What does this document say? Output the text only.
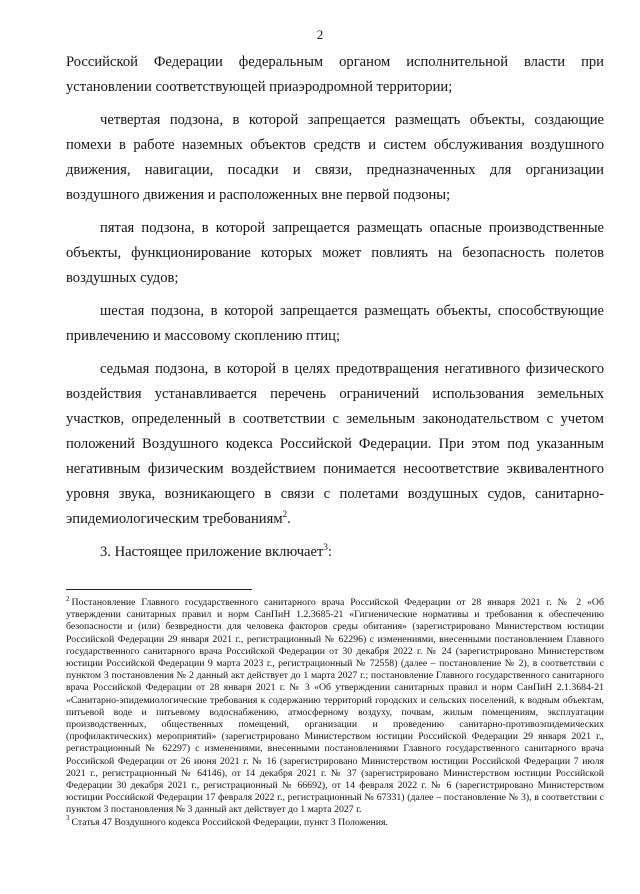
2

Российской Федерации федеральным органом исполнительной власти при установлении соответствующей приаэродромной территории;

четвертая подзона, в которой запрещается размещать объекты, создающие помехи в работе наземных объектов средств и систем обслуживания воздушного движения, навигации, посадки и связи, предназначенных для организации воздушного движения и расположенных вне первой подзоны;

пятая подзона, в которой запрещается размещать опасные производственные объекты, функционирование которых может повлиять на безопасность полетов воздушных судов;

шестая подзона, в которой запрещается размещать объекты, способствующие привлечению и массовому скоплению птиц;

седьмая подзона, в которой в целях предотвращения негативного физического воздействия устанавливается перечень ограничений использования земельных участков, определенный в соответствии с земельным законодательством с учетом положений Воздушного кодекса Российской Федерации. При этом под указанным негативным физическим воздействием понимается несоответствие эквивалентного уровня звука, возникающего в связи с полетами воздушных судов, санитарно-эпидемиологическим требованиям$^2$.

3. Настоящее приложение включает$^3$:

$^2$ Постановление Главного государственного санитарного врача Российской Федерации от 28 января 2021 г. № 2 «Об утверждении санитарных правил и норм СанПиН 1.2.3685-21 «Гигиенические нормативы и требования к обеспечению безопасности и (или) безвредности для человека факторов среды обитания» (зарегистрировано Министерством юстиции Российской Федерации 29 января 2021 г., регистрационный № 62296) с изменениями, внесенными постановлением Главного государственного санитарного врача Российской Федерации от 30 декабря 2022 г. № 24 (зарегистрировано Министерством юстиции Российской Федерации 9 марта 2023 г., регистрационный № 72558) (далее – постановление № 2), в соответствии с пунктом 3 постановления № 2 данный акт действует до 1 марта 2027 г.; постановление Главного государственного санитарного врача Российской Федерации от 28 января 2021 г. № 3 «Об утверждении санитарных правил и норм СанПиН 2.1.3684-21 «Санитарно-эпидемиологические требования к содержанию территорий городских и сельских поселений, к водным объектам, питьевой воде и питьевому водоснабжению, атмосферному воздуху, почвам, жилым помещениям, эксплуатации производственных, общественных помещений, организации и проведению санитарно-противоэпидемических (профилактических) мероприятий» (зарегистрировано Министерством юстиции Российской Федерации 29 января 2021 г., регистрационный № 62297) с изменениями, внесенными постановлениями Главного государственного санитарного врача Российской Федерации от 26 июня 2021 г. № 16 (зарегистрировано Министерством юстиции Российской Федерации 7 июля 2021 г., регистрационный № 64146), от 14 декабря 2021 г. № 37 (зарегистрировано Министерством юстиции Российской Федерации 30 декабря 2021 г., регистрационный № 66692), от 14 февраля 2022 г. № 6 (зарегистрировано Министерством юстиции Российской Федерации 17 февраля 2022 г., регистрационный № 67331) (далее – постановление № 3), в соответствии с пунктом 3 постановления № 3 данный акт действует до 1 марта 2027 г.

$^3$ Статья 47 Воздушного кодекса Российской Федерации, пункт 3 Положения.
